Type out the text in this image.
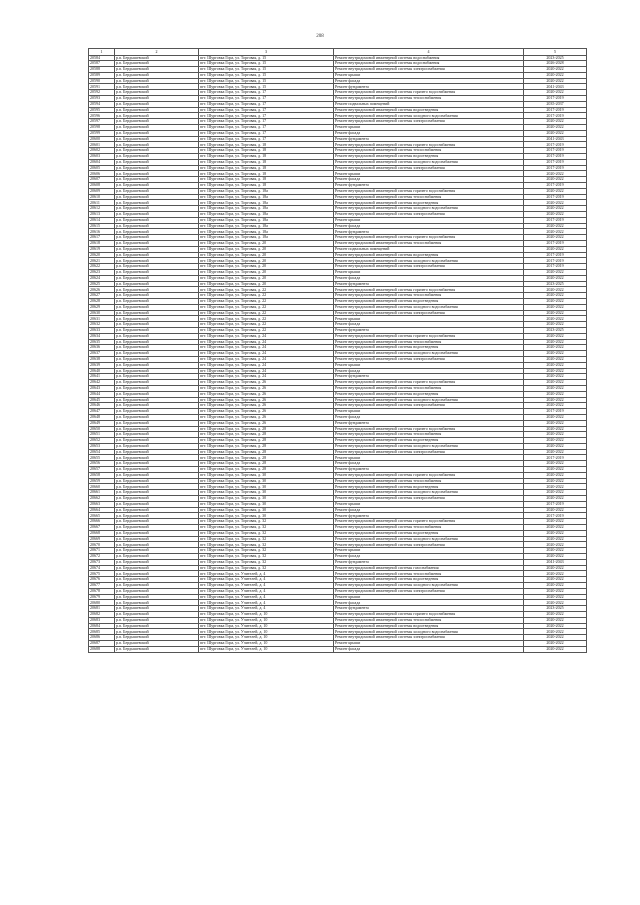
208
1	2	3	4	5
20584	р.п. Бердышевский	пгт. Шурговка Гора, ул. Торговая, д. 15	Ремонт внутридомовой инженерной системы водоснабжения	2023-2025
20587	р.п. Бердышевский	пгт. Шурговка Гора, ул. Торговая, д. 15	Ремонт внутридомовой инженерной системы водоснабжения	2026-2028
20588	р.п. Бердышевский	пгт. Шурговка Гора, ул. Торговая, д. 15	Ремонт внутридомовой инженерной системы электроснабжения	2020-2022
20589	р.п. Бердышевский	пгт. Шурговка Гора, ул. Торговая, д. 15	Ремонт крыши	2020-2022
20590	р.п. Бердышевский	пгт. Шурговка Гора, ул. Торговая, д. 15	Ремонт фасада	2020-2022
20591	р.п. Бердышевский	пгт. Шурговка Гора, ул. Торговая, д. 15	Ремонт фундамента	2041-2043
20592	р.п. Бердышевский	пгт. Шурговка Гора, ул. Торговая, д. 17	Ремонт внутридомовой инженерной системы горячего водоснабжения	2020-2022
20593	р.п. Бердышевский	пгт. Шурговка Гора, ул. Торговая, д. 17	Ремонт внутридомовой инженерной системы теплоснабжения	2017-2019
20594	р.п. Бердышевский	пгт. Шурговка Гора, ул. Торговая, д. 17	Ремонт подвальных помещений	2035-2037
20595	р.п. Бердышевский	пгт. Шурговка Гора, ул. Торговая, д. 17	Ремонт внутридомовой инженерной системы водоотведения	2017-2019
20596	р.п. Бердышевский	пгт. Шурговка Гора, ул. Торговая, д. 17	Ремонт внутридомовой инженерной системы холодного водоснабжения	2017-2019
20597	р.п. Бердышевский	пгт. Шурговка Гора, ул. Торговая, д. 17	Ремонт внутридомовой инженерной системы электроснабжения	2020-2022
20598	р.п. Бердышевский	пгт. Шурговка Гора, ул. Торговая, д. 17	Ремонт крыши	2020-2022
20599	р.п. Бердышевский	пгт. Шурговка Гора, ул. Торговая, д. 17	Ремонт фасада	2020-2022
20600	р.п. Бердышевский	пгт. Шурговка Гора, ул. Торговая, д. 17	Ремонт фундамента	2041-2043
20601	р.п. Бердышевский	пгт. Шурговка Гора, ул. Торговая, д. 18	Ремонт внутридомовой инженерной системы горячего водоснабжения	2017-2019
20602	р.п. Бердышевский	пгт. Шурговка Гора, ул. Торговая, д. 18	Ремонт внутридомовой инженерной системы теплоснабжения	2017-2019
20603	р.п. Бердышевский	пгт. Шурговка Гора, ул. Торговая, д. 18	Ремонт внутридомовой инженерной системы водоотведения	2017-2019
20604	р.п. Бердышевский	пгт. Шурговка Гора, ул. Торговая, д. 18	Ремонт внутридомовой инженерной системы холодного водоснабжения	2017-2019
20605	р.п. Бердышевский	пгт. Шурговка Гора, ул. Торговая, д. 18	Ремонт внутридомовой инженерной системы электроснабжения	2017-2019
20606	р.п. Бердышевский	пгт. Шурговка Гора, ул. Торговая, д. 18	Ремонт крыши	2020-2022
20607	р.п. Бердышевский	пгт. Шурговка Гора, ул. Торговая, д. 18	Ремонт фасада	2020-2022
20608	р.п. Бердышевский	пгт. Шурговка Гора, ул. Торговая, д. 18	Ремонт фундамента	2017-2019
20609	р.п. Бердышевский	пгт. Шурговка Гора, ул. Торговая, д. 18а	Ремонт внутридомовой инженерной системы горячего водоснабжения	2020-2022
20610	р.п. Бердышевский	пгт. Шурговка Гора, ул. Торговая, д. 18а	Ремонт внутридомовой инженерной системы теплоснабжения	2017-2019
20611	р.п. Бердышевский	пгт. Шурговка Гора, ул. Торговая, д. 18а	Ремонт внутридомовой инженерной системы водоотведения	2020-2022
20612	р.п. Бердышевский	пгт. Шурговка Гора, ул. Торговая, д. 18а	Ремонт внутридомовой инженерной системы холодного водоснабжения	2020-2022
20613	р.п. Бердышевский	пгт. Шурговка Гора, ул. Торговая, д. 18а	Ремонт внутридомовой инженерной системы электроснабжения	2020-2022
20614	р.п. Бердышевский	пгт. Шурговка Гора, ул. Торговая, д. 18а	Ремонт крыши	2017-2019
20615	р.п. Бердышевский	пгт. Шурговка Гора, ул. Торговая, д. 18а	Ремонт фасада	2020-2022
20616	р.п. Бердышевский	пгт. Шурговка Гора, ул. Торговая, д. 18а	Ремонт фундамента	2020-2022
20617	р.п. Бердышевский	пгт. Шурговка Гора, ул. Торговая, д. 18а	Ремонт внутридомовой инженерной системы горячего водоснабжения	2020-2022
20618	р.п. Бердышевский	пгт. Шурговка Гора, ул. Торговая, д. 20	Ремонт внутридомовой инженерной системы теплоснабжения	2017-2019
20619	р.п. Бердышевский	пгт. Шурговка Гора, ул. Торговая, д. 20	Ремонт подвальных помещений	2020-2022
20620	р.п. Бердышевский	пгт. Шурговка Гора, ул. Торговая, д. 20	Ремонт внутридомовой инженерной системы водоотведения	2017-2019
20621	р.п. Бердышевский	пгт. Шурговка Гора, ул. Торговая, д. 20	Ремонт внутридомовой инженерной системы холодного водоснабжения	2017-2019
20622	р.п. Бердышевский	пгт. Шурговка Гора, ул. Торговая, д. 20	Ремонт внутридомовой инженерной системы электроснабжения	2017-2019
20623	р.п. Бердышевский	пгт. Шурговка Гора, ул. Торговая, д. 20	Ремонт крыши	2020-2022
20624	р.п. Бердышевский	пгт. Шурговка Гора, ул. Торговая, д. 20	Ремонт фасада	2020-2022
20625	р.п. Бердышевский	пгт. Шурговка Гора, ул. Торговая, д. 20	Ремонт фундамента	2023-2025
20626	р.п. Бердышевский	пгт. Шурговка Гора, ул. Торговая, д. 22	Ремонт внутридомовой инженерной системы горячего водоснабжения	2020-2022
20627	р.п. Бердышевский	пгт. Шурговка Гора, ул. Торговая, д. 22	Ремонт внутридомовой инженерной системы теплоснабжения	2020-2022
20628	р.п. Бердышевский	пгт. Шурговка Гора, ул. Торговая, д. 22	Ремонт внутридомовой инженерной системы водоотведения	2020-2022
20629	р.п. Бердышевский	пгт. Шурговка Гора, ул. Торговая, д. 22	Ремонт внутридомовой инженерной системы холодного водоснабжения	2020-2022
20630	р.п. Бердышевский	пгт. Шурговка Гора, ул. Торговая, д. 22	Ремонт внутридомовой инженерной системы электроснабжения	2020-2022
20631	р.п. Бердышевский	пгт. Шурговка Гора, ул. Торговая, д. 22	Ремонт крыши	2020-2022
20632	р.п. Бердышевский	пгт. Шурговка Гора, ул. Торговая, д. 22	Ремонт фасада	2020-2022
20633	р.п. Бердышевский	пгт. Шурговка Гора, ул. Торговая, д. 22	Ремонт фундамента	2023-2025
20634	р.п. Бердышевский	пгт. Шурговка Гора, ул. Торговая, д. 24	Ремонт внутридомовой инженерной системы горячего водоснабжения	2020-2022
20635	р.п. Бердышевский	пгт. Шурговка Гора, ул. Торговая, д. 24	Ремонт внутридомовой инженерной системы теплоснабжения	2020-2022
20636	р.п. Бердышевский	пгт. Шурговка Гора, ул. Торговая, д. 24	Ремонт внутридомовой инженерной системы водоотведения	2020-2022
20637	р.п. Бердышевский	пгт. Шурговка Гора, ул. Торговая, д. 24	Ремонт внутридомовой инженерной системы холодного водоснабжения	2020-2022
20638	р.п. Бердышевский	пгт. Шурговка Гора, ул. Торговая, д. 24	Ремонт внутридомовой инженерной системы электроснабжения	2020-2022
20639	р.п. Бердышевский	пгт. Шурговка Гора, ул. Торговая, д. 24	Ремонт крыши	2020-2022
20640	р.п. Бердышевский	пгт. Шурговка Гора, ул. Торговая, д. 24	Ремонт фасада	2020-2022
20641	р.п. Бердышевский	пгт. Шурговка Гора, ул. Торговая, д. 24	Ремонт фундамента	2020-2022
20642	р.п. Бердышевский	пгт. Шурговка Гора, ул. Торговая, д. 26	Ремонт внутридомовой инженерной системы горячего водоснабжения	2020-2022
20643	р.п. Бердышевский	пгт. Шурговка Гора, ул. Торговая, д. 26	Ремонт внутридомовой инженерной системы теплоснабжения	2020-2022
20644	р.п. Бердышевский	пгт. Шурговка Гора, ул. Торговая, д. 26	Ремонт внутридомовой инженерной системы водоотведения	2020-2022
20645	р.п. Бердышевский	пгт. Шурговка Гора, ул. Торговая, д. 26	Ремонт внутридомовой инженерной системы холодного водоснабжения	2020-2022
20646	р.п. Бердышевский	пгт. Шурговка Гора, ул. Торговая, д. 26	Ремонт внутридомовой инженерной системы электроснабжения	2020-2022
20647	р.п. Бердышевский	пгт. Шурговка Гора, ул. Торговая, д. 26	Ремонт крыши	2017-2019
20648	р.п. Бердышевский	пгт. Шурговка Гора, ул. Торговая, д. 26	Ремонт фасада	2020-2022
20649	р.п. Бердышевский	пгт. Шурговка Гора, ул. Торговая, д. 26	Ремонт фундамента	2020-2022
20650	р.п. Бердышевский	пгт. Шурговка Гора, ул. Торговая, д. 28	Ремонт внутридомовой инженерной системы горячего водоснабжения	2020-2022
20651	р.п. Бердышевский	пгт. Шурговка Гора, ул. Торговая, д. 28	Ремонт внутридомовой инженерной системы теплоснабжения	2020-2022
20652	р.п. Бердышевский	пгт. Шурговка Гора, ул. Торговая, д. 28	Ремонт внутридомовой инженерной системы водоотведения	2020-2022
20653	р.п. Бердышевский	пгт. Шурговка Гора, ул. Торговая, д. 28	Ремонт внутридомовой инженерной системы холодного водоснабжения	2020-2022
20654	р.п. Бердышевский	пгт. Шурговка Гора, ул. Торговая, д. 28	Ремонт внутридомовой инженерной системы электроснабжения	2020-2022
20655	р.п. Бердышевский	пгт. Шурговка Гора, ул. Торговая, д. 28	Ремонт крыши	2017-2019
20656	р.п. Бердышевский	пгт. Шурговка Гора, ул. Торговая, д. 28	Ремонт фасада	2020-2022
20657	р.п. Бердышевский	пгт. Шурговка Гора, ул. Торговая, д. 28	Ремонт фундамента	2020-2022
20658	р.п. Бердышевский	пгт. Шурговка Гора, ул. Торговая, д. 30	Ремонт внутридомовой инженерной системы горячего водоснабжения	2020-2022
20659	р.п. Бердышевский	пгт. Шурговка Гора, ул. Торговая, д. 30	Ремонт внутридомовой инженерной системы теплоснабжения	2020-2022
20660	р.п. Бердышевский	пгт. Шурговка Гора, ул. Торговая, д. 30	Ремонт внутридомовой инженерной системы водоотведения	2020-2022
20661	р.п. Бердышевский	пгт. Шурговка Гора, ул. Торговая, д. 30	Ремонт внутридомовой инженерной системы холодного водоснабжения	2020-2022
20662	р.п. Бердышевский	пгт. Шурговка Гора, ул. Торговая, д. 30	Ремонт внутридомовой инженерной системы электроснабжения	2020-2022
20663	р.п. Бердышевский	пгт. Шурговка Гора, ул. Торговая, д. 30	Ремонт крыши	2017-2019
20664	р.п. Бердышевский	пгт. Шурговка Гора, ул. Торговая, д. 30	Ремонт фасада	2020-2022
20665	р.п. Бердышевский	пгт. Шурговка Гора, ул. Торговая, д. 30	Ремонт фундамента	2017-2019
20666	р.п. Бердышевский	пгт. Шурговка Гора, ул. Торговая, д. 32	Ремонт внутридомовой инженерной системы горячего водоснабжения	2020-2022
20667	р.п. Бердышевский	пгт. Шурговка Гора, ул. Торговая, д. 32	Ремонт внутридомовой инженерной системы теплоснабжения	2020-2022
20668	р.п. Бердышевский	пгт. Шурговка Гора, ул. Торговая, д. 32	Ремонт внутридомовой инженерной системы водоотведения	2020-2022
20669	р.п. Бердышевский	пгт. Шурговка Гора, ул. Торговая, д. 32	Ремонт внутридомовой инженерной системы холодного водоснабжения	2020-2022
20670	р.п. Бердышевский	пгт. Шурговка Гора, ул. Торговая, д. 32	Ремонт внутридомовой инженерной системы электроснабжения	2020-2022
20671	р.п. Бердышевский	пгт. Шурговка Гора, ул. Торговая, д. 32	Ремонт крыши	2020-2022
20672	р.п. Бердышевский	пгт. Шурговка Гора, ул. Торговая, д. 32	Ремонт фасада	2020-2022
20673	р.п. Бердышевский	пгт. Шурговка Гора, ул. Торговая, д. 32	Ремонт фундамента	2041-2043
20674	р.п. Бердышевский	пгт. Шурговка Гора, ул. Торговая, д. 32	Ремонт внутридомовой инженерной системы газоснабжения	2020-2022
20675	р.п. Бердышевский	пгт. Шурговка Гора, ул. Учителей, д. 4	Ремонт внутридомовой инженерной системы теплоснабжения	2020-2022
20676	р.п. Бердышевский	пгт. Шурговка Гора, ул. Учителей, д. 4	Ремонт внутридомовой инженерной системы водоотведения	2020-2022
20677	р.п. Бердышевский	пгт. Шурговка Гора, ул. Учителей, д. 4	Ремонт внутридомовой инженерной системы холодного водоснабжения	2020-2022
20678	р.п. Бердышевский	пгт. Шурговка Гора, ул. Учителей, д. 4	Ремонт внутридомовой инженерной системы электроснабжения	2020-2022
20679	р.п. Бердышевский	пгт. Шурговка Гора, ул. Учителей, д. 4	Ремонт крыши	2020-2022
20680	р.п. Бердышевский	пгт. Шурговка Гора, ул. Учителей, д. 4	Ремонт фасада	2020-2022
20681	р.п. Бердышевский	пгт. Шурговка Гора, ул. Учителей, д. 4	Ремонт фундамента	2023-2025
20682	р.п. Бердышевский	пгт. Шурговка Гора, ул. Учителей, д. 10	Ремонт внутридомовой инженерной системы горячего водоснабжения	2020-2022
20683	р.п. Бердышевский	пгт. Шурговка Гора, ул. Учителей, д. 10	Ремонт внутридомовой инженерной системы теплоснабжения	2020-2022
20684	р.п. Бердышевский	пгт. Шурговка Гора, ул. Учителей, д. 10	Ремонт внутридомовой инженерной системы водоотведения	2020-2022
20685	р.п. Бердышевский	пгт. Шурговка Гора, ул. Учителей, д. 10	Ремонт внутридомовой инженерной системы холодного водоснабжения	2020-2022
20686	р.п. Бердышевский	пгт. Шурговка Гора, ул. Учителей, д. 10	Ремонт внутридомовой инженерной системы электроснабжения	2020-2022
20687	р.п. Бердышевский	пгт. Шурговка Гора, ул. Учителей, д. 10	Ремонт крыши	2020-2022
20688	р.п. Бердышевский	пгт. Шурговка Гора, ул. Учителей, д. 10	Ремонт фасада	2020-2022
